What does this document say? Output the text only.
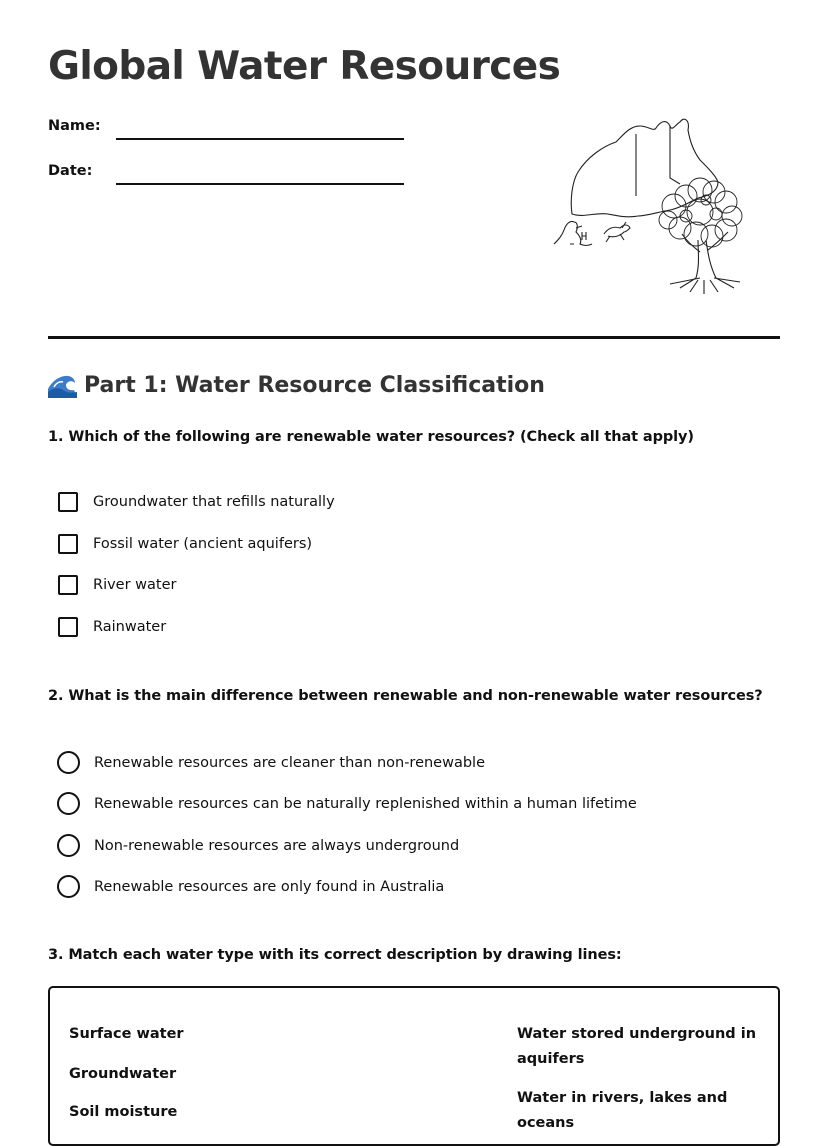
Global Water Resources
Name:
Date:
Part 1: Water Resource Classification
1. Which of the following are renewable water resources? (Check all that apply)
Groundwater that refills naturally
Fossil water (ancient aquifers)
River water
Rainwater
2. What is the main difference between renewable and non-renewable water resources?
Renewable resources are cleaner than non-renewable
Renewable resources can be naturally replenished within a human lifetime
Non-renewable resources are always underground
Renewable resources are only found in Australia
3. Match each water type with its correct description by drawing lines:
Surface water
Groundwater
Soil moisture
Water stored underground in aquifers
Water in rivers, lakes and oceans
